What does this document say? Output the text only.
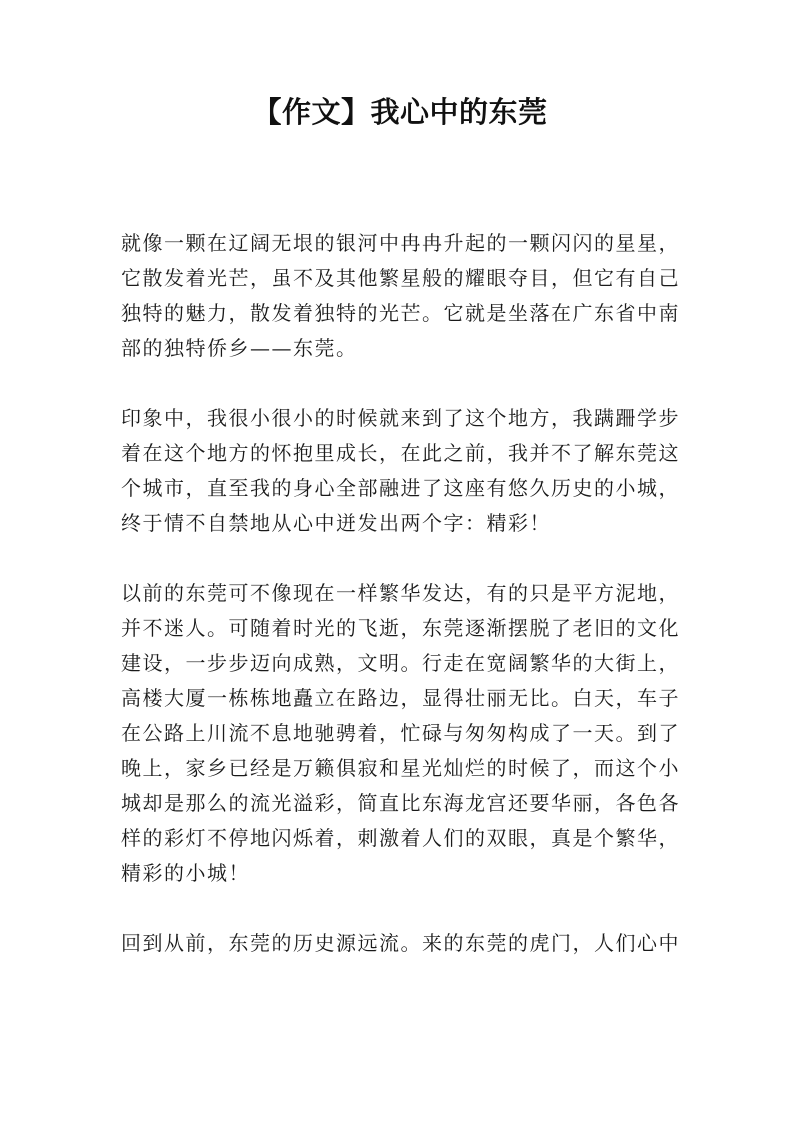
【作文】我心中的东莞

就像一颗在辽阔无垠的银河中冉冉升起的一颗闪闪的星星，
它散发着光芒，虽不及其他繁星般的耀眼夺目，但它有自己
独特的魅力，散发着独特的光芒。它就是坐落在广东省中南
部的独特侨乡——东莞。

印象中，我很小很小的时候就来到了这个地方，我蹒跚学步
着在这个地方的怀抱里成长，在此之前，我并不了解东莞这
个城市，直至我的身心全部融进了这座有悠久历史的小城，
终于情不自禁地从心中迸发出两个字：精彩！

以前的东莞可不像现在一样繁华发达，有的只是平方泥地，
并不迷人。可随着时光的飞逝，东莞逐渐摆脱了老旧的文化
建设，一步步迈向成熟，文明。行走在宽阔繁华的大街上，
高楼大厦一栋栋地矗立在路边，显得壮丽无比。白天，车子
在公路上川流不息地驰骋着，忙碌与匆匆构成了一天。到了
晚上，家乡已经是万籁俱寂和星光灿烂的时候了，而这个小
城却是那么的流光溢彩，简直比东海龙宫还要华丽，各色各
样的彩灯不停地闪烁着，刺激着人们的双眼，真是个繁华，
精彩的小城！

回到从前，东莞的历史源远流。来的东莞的虎门，人们心中
